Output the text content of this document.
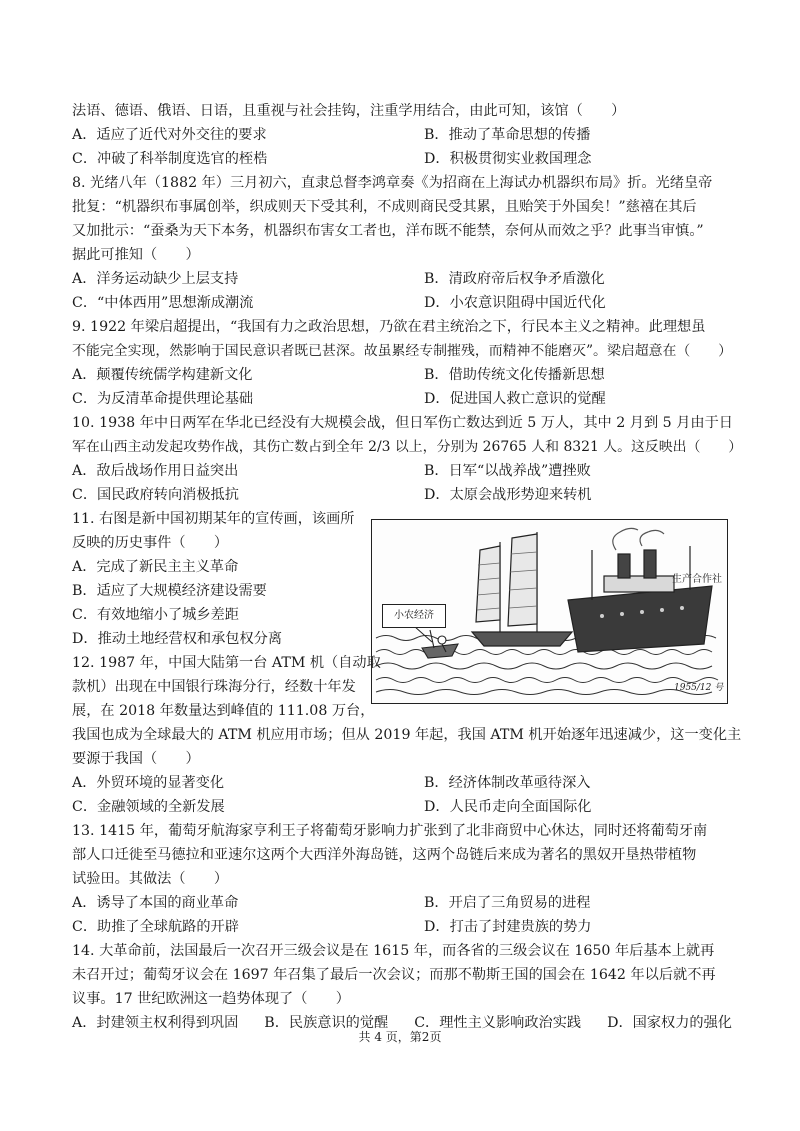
法语、德语、俄语、日语，且重视与社会挂钩，注重学用结合，由此可知，该馆（　　）
A．适应了近代对外交往的要求	B．推动了革命思想的传播
C．冲破了科举制度选官的桎梏	D．积极贯彻实业救国理念
8. 光绪八年（1882 年）三月初六，直隶总督李鸿章奏《为招商在上海试办机器织布局》折。光绪皇帝
批复：“机器织布事属创举，织成则天下受其利，不成则商民受其累，且贻笑于外国矣！”慈禧在其后
又加批示：“蚕桑为天下本务，机器织布害女工者也，洋布既不能禁，奈何从而效之乎？此事当审慎。”
据此可推知（　　）
A．洋务运动缺少上层支持	B．清政府帝后权争矛盾激化
C．“中体西用”思想渐成潮流	D．小农意识阻碍中国近代化
9. 1922 年梁启超提出，“我国有力之政治思想，乃欲在君主统治之下，行民本主义之精神。此理想虽
不能完全实现，然影响于国民意识者既已甚深。故虽累经专制摧残，而精神不能磨灭”。梁启超意在（　　）
A．颠覆传统儒学构建新文化	B．借助传统文化传播新思想
C．为反清革命提供理论基础	D．促进国人救亡意识的觉醒
10. 1938 年中日两军在华北已经没有大规模会战，但日军伤亡数达到近 5 万人，其中 2 月到 5 月由于日
军在山西主动发起攻势作战，其伤亡数占到全年 2/3 以上，分别为 26765 人和 8321 人。这反映出（　　）
A．敌后战场作用日益突出	B．日军“以战养战”遭挫败
C．国民政府转向消极抵抗	D．太原会战形势迎来转机
11. 右图是新中国初期某年的宣传画，该画所
反映的历史事件（　　）
A．完成了新民主主义革命
B．适应了大规模经济建设需要
C．有效地缩小了城乡差距
D．推动土地经营权和承包权分离
小农经济
生产合作社
1955/12 号
12. 1987 年，中国大陆第一台 ATM 机（自动取
款机）出现在中国银行珠海分行，经数十年发
展，在 2018 年数量达到峰值的 111.08 万台，
我国也成为全球最大的 ATM 机应用市场；但从 2019 年起，我国 ATM 机开始逐年迅速减少，这一变化主
要源于我国（　　）
A．外贸环境的显著变化	B．经济体制改革亟待深入
C．金融领域的全新发展	D．人民币走向全面国际化
13. 1415 年，葡萄牙航海家亨利王子将葡萄牙影响力扩张到了北非商贸中心休达，同时还将葡萄牙南
部人口迁徙至马德拉和亚速尔这两个大西洋外海岛链，这两个岛链后来成为著名的黑奴开垦热带植物
试验田。其做法（　　）
A．诱导了本国的商业革命	B．开启了三角贸易的进程
C．助推了全球航路的开辟	D．打击了封建贵族的势力
14. 大革命前，法国最后一次召开三级会议是在 1615 年，而各省的三级会议在 1650 年后基本上就再
未召开过；葡萄牙议会在 1697 年召集了最后一次会议；而那不勒斯王国的国会在 1642 年以后就不再
议事。17 世纪欧洲这一趋势体现了（　　）
A．封建领主权利得到巩固 B．民族意识的觉醒 C．理性主义影响政治实践 D．国家权力的强化
共 4 页，第2页
